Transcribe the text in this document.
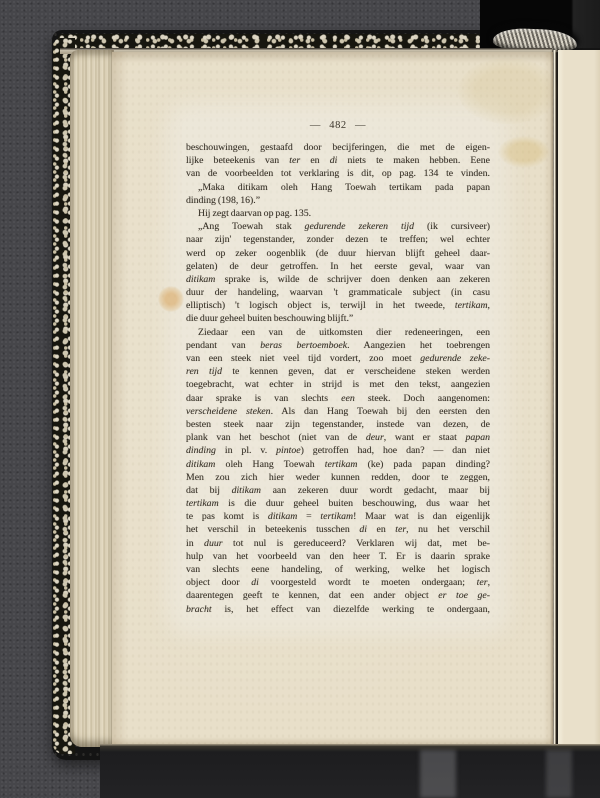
— 482 —
beschouwingen, gestaafd door becijferingen, die met de eigen-
lijke beteekenis van ter en di niets te maken hebben. Eene
van de voorbeelden tot verklaring is dit, op pag. 134 te vinden.
„Maka ditikam oleh Hang Toewah tertikam pada papan
dinding (198, 16).”
Hij zegt daarvan op pag. 135.
„Ang Toewah stak gedurende zekeren tijd (ik cursiveer)
naar zijn' tegenstander, zonder dezen te treffen; wel echter
werd op zeker oogenblik (de duur hiervan blijft geheel daar-
gelaten) de deur getroffen. In het eerste geval, waar van
ditikam sprake is, wilde de schrijver doen denken aan zekeren
duur der handeling, waarvan 't grammaticale subject (in casu
elliptisch) 't logisch object is, terwijl in het tweede, tertikam,
die duur geheel buiten beschouwing blijft.”
Ziedaar een van de uitkomsten dier redeneeringen, een
pendant van beras bertoemboek. Aangezien het toebrengen
van een steek niet veel tijd vordert, zoo moet gedurende zeke-
ren tijd te kennen geven, dat er verscheidene steken werden
toegebracht, wat echter in strijd is met den tekst, aangezien
daar sprake is van slechts een steek. Doch aangenomen:
verscheidene steken. Als dan Hang Toewah bij den eersten den
besten steek naar zijn tegenstander, instede van dezen, de
plank van het beschot (niet van de deur, want er staat papan
dinding in pl. v. pintoe) getroffen had, hoe dan? — dan niet
ditikam oleh Hang Toewah tertikam (ke) pada papan dinding?
Men zou zich hier weder kunnen redden, door te zeggen,
dat bij ditikam aan zekeren duur wordt gedacht, maar bij
tertikam is die duur geheel buiten beschouwing, dus waar het
te pas komt is ditikam = tertikam! Maar wat is dan eigenlijk
het verschil in beteekenis tusschen di en ter, nu het verschil
in duur tot nul is gereduceerd? Verklaren wij dat, met be-
hulp van het voorbeeld van den heer T. Er is daarin sprake
van slechts eene handeling, of werking, welke het logisch
object door di voorgesteld wordt te moeten ondergaan; ter,
daarentegen geeft te kennen, dat een ander object er toe ge-
bracht is, het effect van diezelfde werking te ondergaan,
